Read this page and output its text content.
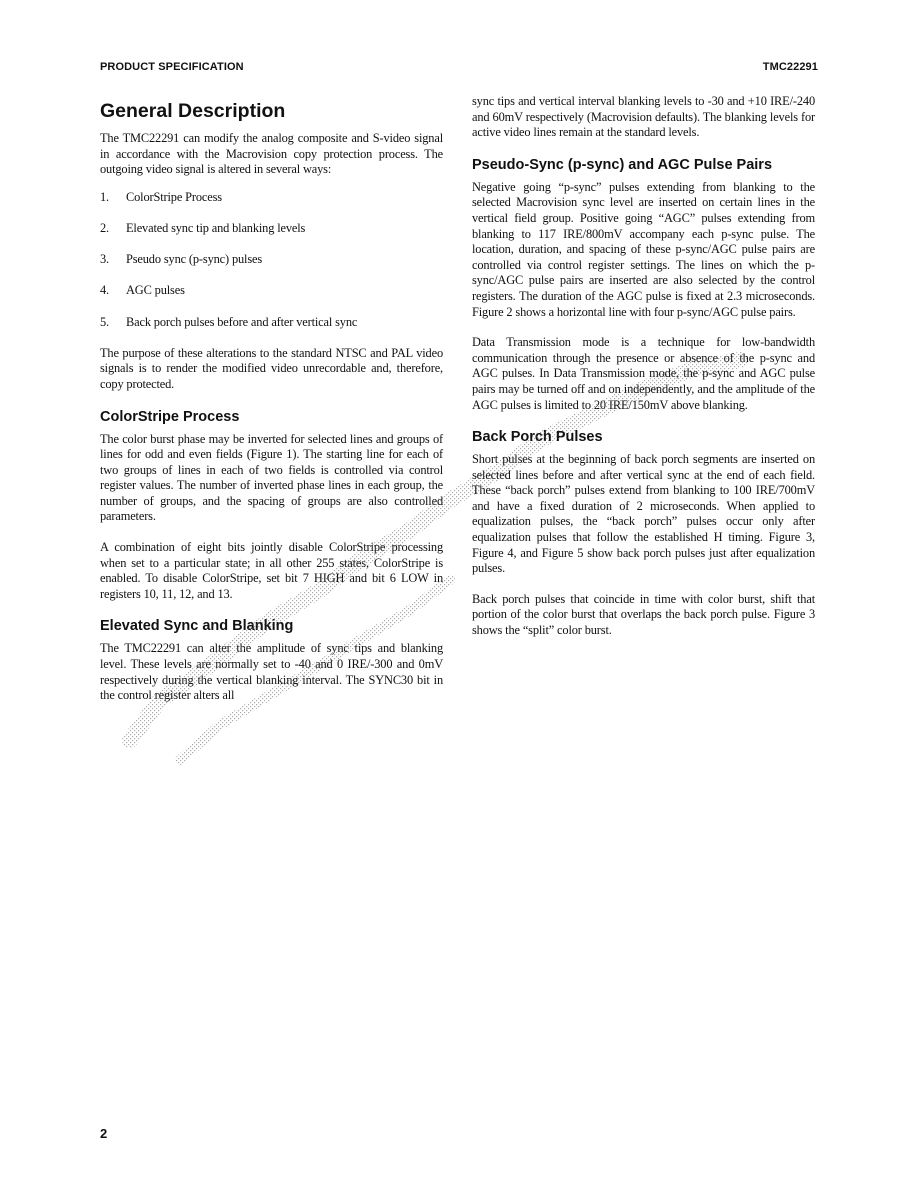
PRODUCT SPECIFICATION	TMC22291
General Description

The TMC22291 can modify the analog composite and S-video signal in accordance with the Macrovision copy protection process. The outgoing video signal is altered in several ways:

1.	ColorStripe Process
2.	Elevated sync tip and blanking levels
3.	Pseudo sync (p-sync) pulses
4.	AGC pulses
5.	Back porch pulses before and after vertical sync

The purpose of these alterations to the standard NTSC and PAL video signals is to render the modified video unrecordable and, therefore, copy protected.

ColorStripe Process

The color burst phase may be inverted for selected lines and groups of lines for odd and even fields (Figure 1). The starting line for each of two groups of lines in each of two fields is controlled via control register values. The number of inverted phase lines in each group, the number of groups, and the spacing of groups are also controlled parameters.

A combination of eight bits jointly disable ColorStripe processing when set to a particular state; in all other 255 states, ColorStripe is enabled. To disable ColorStripe, set bit 7 HIGH and bit 6 LOW in registers 10, 11, 12, and 13.

Elevated Sync and Blanking

The TMC22291 can alter the amplitude of sync tips and blanking level. These levels are normally set to -40 and 0 IRE/-300 and 0mV respectively during the vertical blanking interval. The SYNC30 bit in the control register alters all

sync tips and vertical interval blanking levels to -30 and +10 IRE/-240 and 60mV respectively (Macrovision defaults). The blanking levels for active video lines remain at the standard levels.

Pseudo-Sync (p-sync) and AGC Pulse Pairs

Negative going “p-sync” pulses extending from blanking to the selected Macrovision sync level are inserted on certain lines in the vertical field group. Positive going “AGC” pulses extending from blanking to 117 IRE/800mV accompany each p-sync pulse. The location, duration, and spacing of these p-sync/AGC pulse pairs are controlled via control register settings. The lines on which the p-sync/AGC pulse pairs are inserted are also selected by the control registers. The duration of the AGC pulse is fixed at 2.3 microseconds. Figure 2 shows a horizontal line with four p-sync/AGC pulse pairs.

Data Transmission mode is a technique for low-bandwidth communication through the presence or absence of the p-sync and AGC pulses. In Data Transmission mode, the p-sync and AGC pulse pairs may be turned off and on independently, and the amplitude of the AGC pulses is limited to 20 IRE/150mV above blanking.

Back Porch Pulses

Short pulses at the beginning of back porch segments are inserted on selected lines before and after vertical sync at the end of each field. These “back porch” pulses extend from blanking to 100 IRE/700mV and have a fixed duration of 2 microseconds. When applied to equalization pulses, the “back porch” pulses occur only after equalization pulses that follow the established H timing. Figure 3, Figure 4, and Figure 5 show back porch pulses just after equalization pulses.

Back porch pulses that coincide in time with color burst, shift that portion of the color burst that overlaps the back porch pulse. Figure 3 shows the “split” color burst.

2
